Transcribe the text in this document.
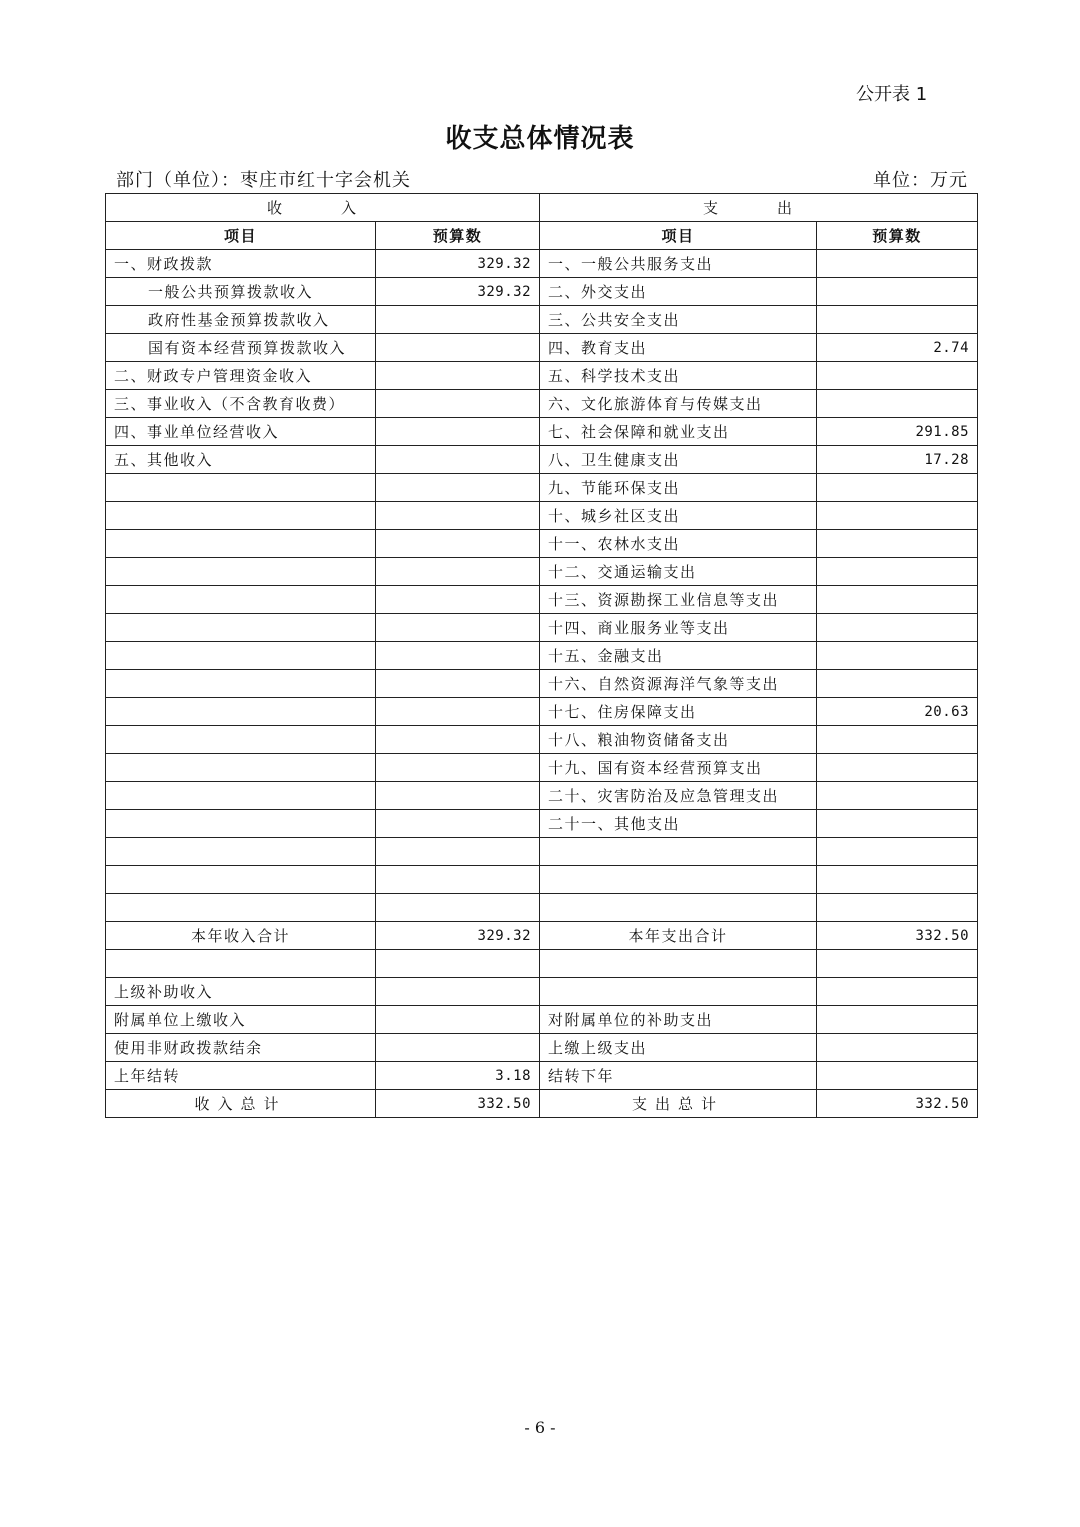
公开表 1
收支总体情况表
部门（单位）：枣庄市红十字会机关	单位：万元
收　入		支　出	
项目	预算数	项目	预算数
一、财政拨款	329.32	一、一般公共服务支出	
一般公共预算拨款收入	329.32	二、外交支出	
政府性基金预算拨款收入		三、公共安全支出	
国有资本经营预算拨款收入		四、教育支出	2.74
二、财政专户管理资金收入		五、科学技术支出	
三、事业收入（不含教育收费）		六、文化旅游体育与传媒支出	
四、事业单位经营收入		七、社会保障和就业支出	291.85
五、其他收入		八、卫生健康支出	17.28
		九、节能环保支出	
		十、城乡社区支出	
		十一、农林水支出	
		十二、交通运输支出	
		十三、资源勘探工业信息等支出	
		十四、商业服务业等支出	
		十五、金融支出	
		十六、自然资源海洋气象等支出	
		十七、住房保障支出	20.63
		十八、粮油物资储备支出	
		十九、国有资本经营预算支出	
		二十、灾害防治及应急管理支出	
		二十一、其他支出	

本年收入合计	329.32	本年支出合计	332.50

上级补助收入			
附属单位上缴收入		对附属单位的补助支出	
使用非财政拨款结余		上缴上级支出	
上年结转	3.18	结转下年	
收入总计	332.50	支出总计	332.50
- 6 -
